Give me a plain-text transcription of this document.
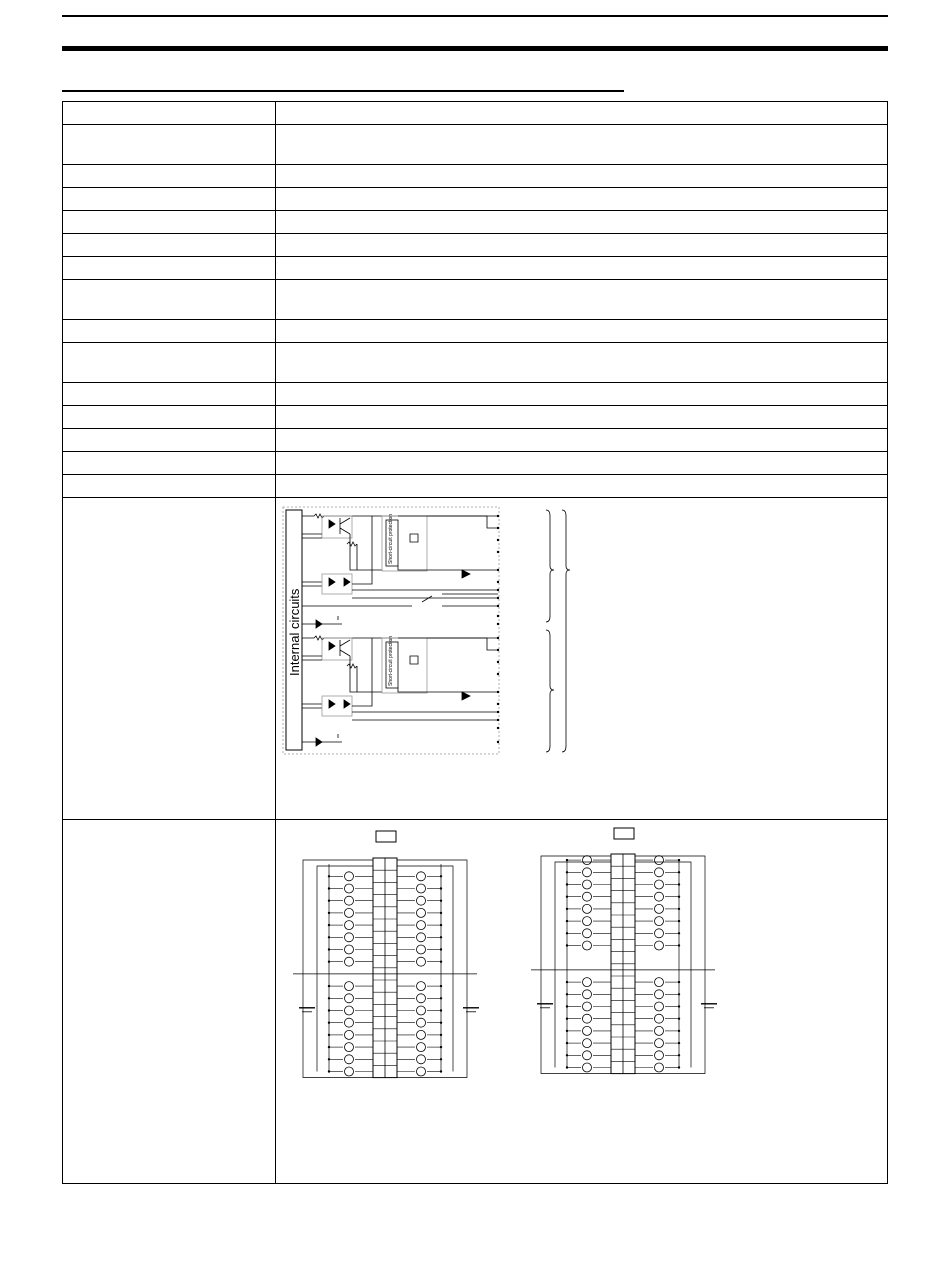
Internal circuits
Short-circuit protection
Short-circuit protection
